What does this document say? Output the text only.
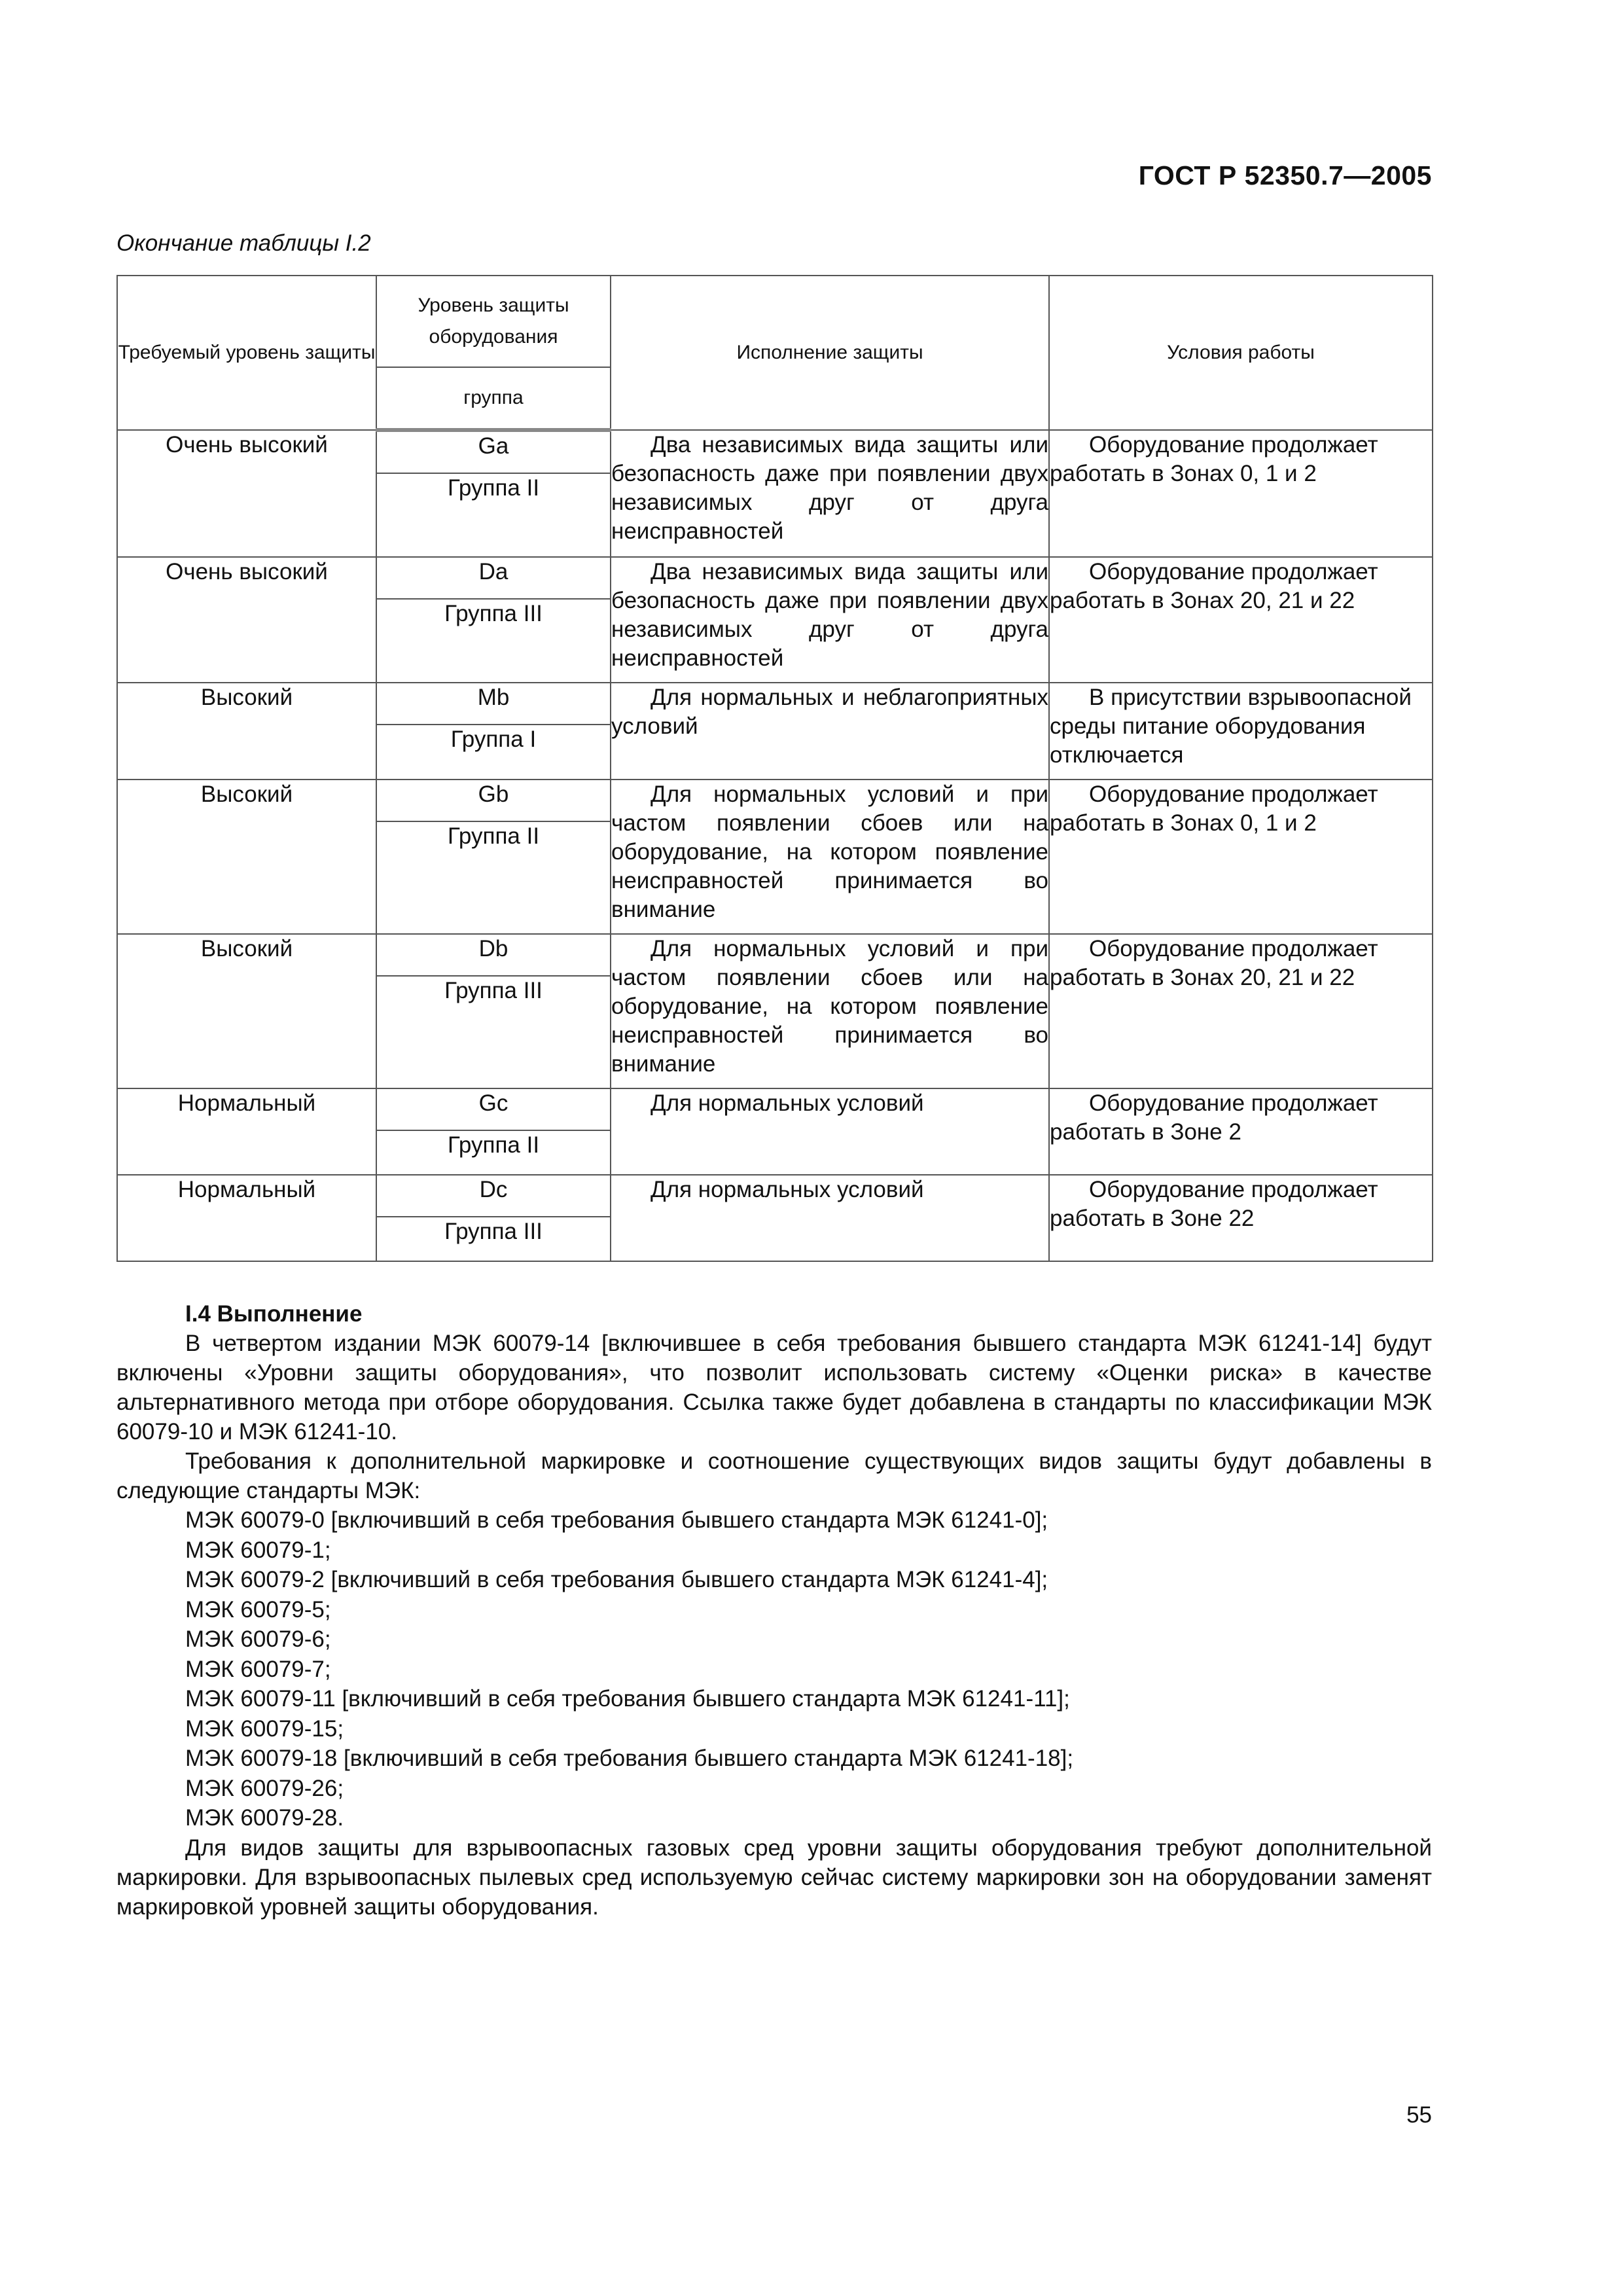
ГОСТ Р 52350.7—2005
Окончание таблицы I.2
Требуемый уровень защиты	Уровень защиты оборудования	Исполнение защиты	Условия работы
	группа		
Очень высокий	Ga	Два независимых вида защиты или безопасность даже при появлении двух независимых друг от друга неисправностей	Оборудование продолжает работать в Зонах 0, 1 и 2
	Группа II		
Очень высокий	Da	Два независимых вида защиты или безопасность даже при появлении двух независимых друг от друга неисправностей	Оборудование продолжает работать в Зонах 20, 21 и 22
	Группа III		
Высокий	Mb	Для нормальных и неблагоприятных условий	В присутствии взрывоопасной среды питание оборудования отключается
	Группа I		
Высокий	Gb	Для нормальных условий и при частом появлении сбоев или на оборудование, на котором появление неисправностей принимается во внимание	Оборудование продолжает работать в Зонах 0, 1 и 2
	Группа II		
Высокий	Db	Для нормальных условий и при частом появлении сбоев или на оборудование, на котором появление неисправностей принимается во внимание	Оборудование продолжает работать в Зонах 20, 21 и 22
	Группа III		
Нормальный	Gc	Для нормальных условий	Оборудование продолжает работать в Зоне 2
	Группа II		
Нормальный	Dc	Для нормальных условий	Оборудование продолжает работать в Зоне 22
	Группа III		
I.4 Выполнение

В четвертом издании МЭК 60079-14 [включившее в себя требования бывшего стандарта МЭК 61241-14] будут включены «Уровни защиты оборудования», что позволит использовать систему «Оценки риска» в качестве альтернативного метода при отборе оборудования. Ссылка также будет добавлена в стандарты по классификации МЭК 60079-10 и МЭК 61241-10.

Требования к дополнительной маркировке и соотношение существующих видов защиты будут добавлены в следующие стандарты МЭК:

МЭК 60079-0 [включивший в себя требования бывшего стандарта МЭК 61241-0];
МЭК 60079-1;
МЭК 60079-2 [включивший в себя требования бывшего стандарта МЭК 61241-4];
МЭК 60079-5;
МЭК 60079-6;
МЭК 60079-7;
МЭК 60079-11 [включивший в себя требования бывшего стандарта МЭК 61241-11];
МЭК 60079-15;
МЭК 60079-18 [включивший в себя требования бывшего стандарта МЭК 61241-18];
МЭК 60079-26;
МЭК 60079-28.

Для видов защиты для взрывоопасных газовых сред уровни защиты оборудования требуют дополнительной маркировки. Для взрывоопасных пылевых сред используемую сейчас систему маркировки зон на оборудовании заменят маркировкой уровней защиты оборудования.

55
